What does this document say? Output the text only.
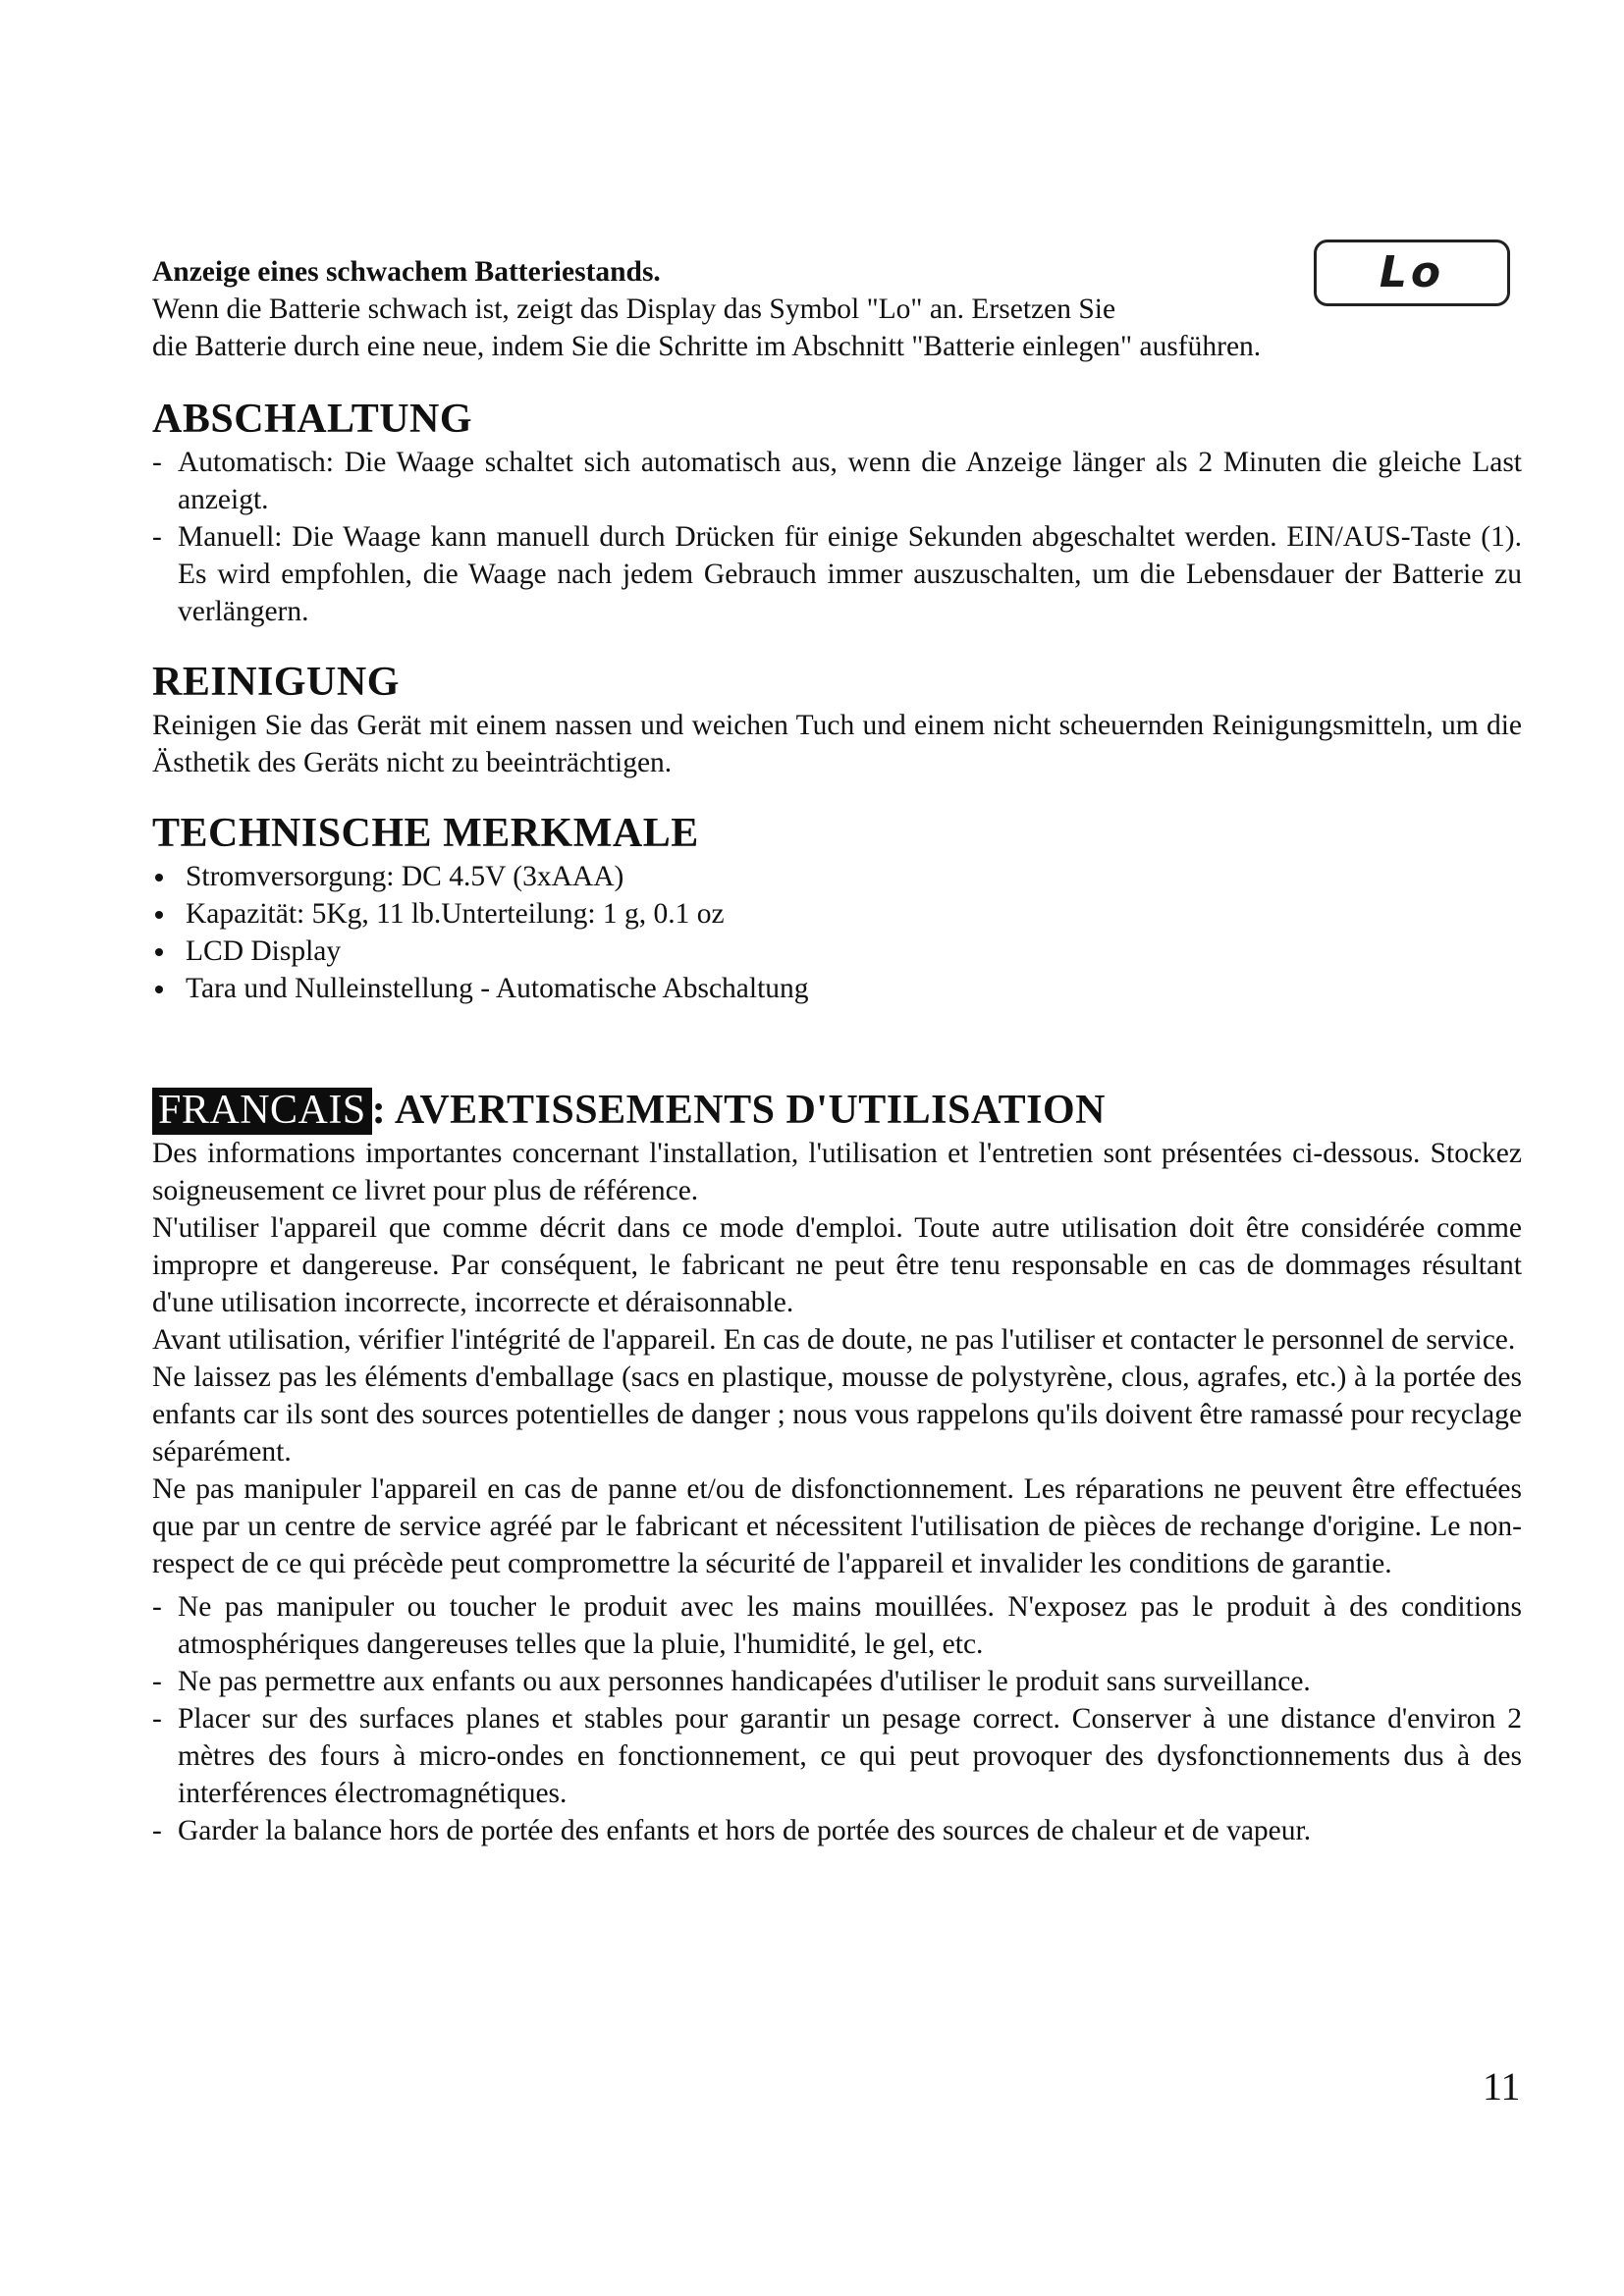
Lo

Anzeige eines schwachem Batteriestands.

Wenn die Batterie schwach ist, zeigt das Display das Symbol "Lo" an. Ersetzen Sie

die Batterie durch eine neue, indem Sie die Schritte im Abschnitt "Batterie einlegen" ausführen.

ABSCHALTUNG
- Automatisch: Die Waage schaltet sich automatisch aus, wenn die Anzeige länger als 2 Minuten die gleiche Last anzeigt.
- Manuell: Die Waage kann manuell durch Drücken für einige Sekunden abgeschaltet werden. EIN/AUS-Taste (1). Es wird empfohlen, die Waage nach jedem Gebrauch immer auszuschalten, um die Lebensdauer der Batterie zu verlängern.
REINIGUNG

Reinigen Sie das Gerät mit einem nassen und weichen Tuch und einem nicht scheuernden Reinigungsmitteln, um die Ästhetik des Geräts nicht zu beeinträchtigen.

TECHNISCHE MERKMALE
Stromversorgung: DC 4.5V (3xAAA)
Kapazität: 5Kg, 11 lb.Unterteilung: 1 g, 0.1 oz
LCD Display
Tara und Nulleinstellung - Automatische Abschaltung
FRANCAIS : AVERTISSEMENTS D'UTILISATION

Des informations importantes concernant l'installation, l'utilisation et l'entretien sont présentées ci-dessous. Stockez soigneusement ce livret pour plus de référence.

N'utiliser l'appareil que comme décrit dans ce mode d'emploi. Toute autre utilisation doit être considérée comme impropre et dangereuse. Par conséquent, le fabricant ne peut être tenu responsable en cas de dommages résultant d'une utilisation incorrecte, incorrecte et déraisonnable.

Avant utilisation, vérifier l'intégrité de l'appareil. En cas de doute, ne pas l'utiliser et contacter le personnel de service.

Ne laissez pas les éléments d'emballage (sacs en plastique, mousse de polystyrène, clous, agrafes, etc.) à la portée des enfants car ils sont des sources potentielles de danger ; nous vous rappelons qu'ils doivent être ramassé pour recyclage séparément.

Ne pas manipuler l'appareil en cas de panne et/ou de disfonctionnement. Les réparations ne peuvent être effectuées que par un centre de service agréé par le fabricant et nécessitent l'utilisation de pièces de rechange d'origine. Le non-respect de ce qui précède peut compromettre la sécurité de l'appareil et invalider les conditions de garantie.

- Ne pas manipuler ou toucher le produit avec les mains mouillées. N'exposez pas le produit à des conditions atmosphériques dangereuses telles que la pluie, l'humidité, le gel, etc.
- Ne pas permettre aux enfants ou aux personnes handicapées d'utiliser le produit sans surveillance.
- Placer sur des surfaces planes et stables pour garantir un pesage correct. Conserver à une distance d'environ 2 mètres des fours à micro-ondes en fonctionnement, ce qui peut provoquer des dysfonctionnements dus à des interférences électromagnétiques.
- Garder la balance hors de portée des enfants et hors de portée des sources de chaleur et de vapeur.
11
